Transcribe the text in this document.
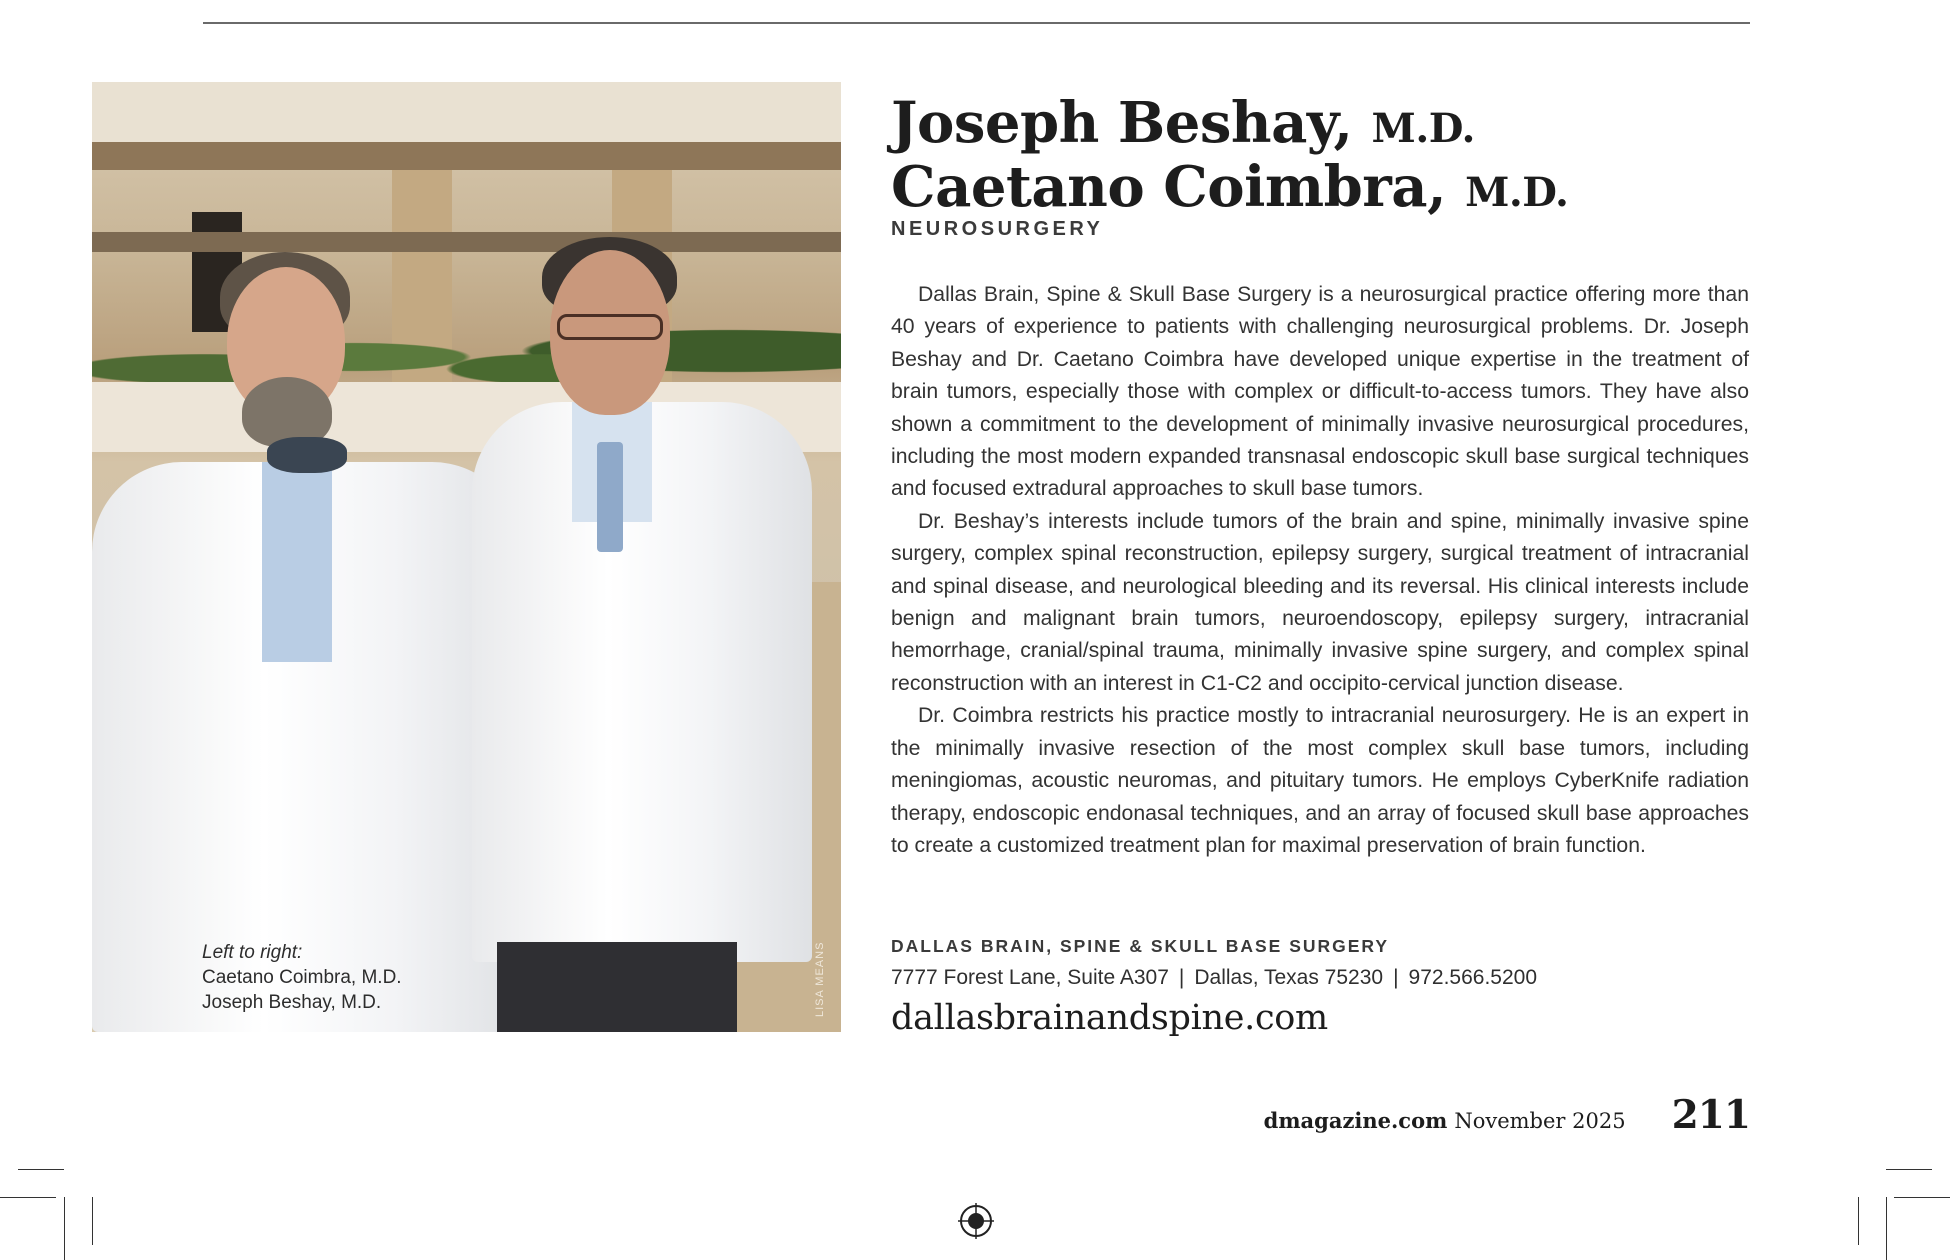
Left to right:
Caetano Coimbra, M.D.
Joseph Beshay, M.D.	LISA MEANS
Joseph Beshay, M.D.
Caetano Coimbra, M.D.
NEUROSURGERY

Dallas Brain, Spine & Skull Base Surgery is a neurosurgical practice offering more than 40 years of experience to patients with challenging neurosurgical problems. Dr. Joseph Beshay and Dr. Caetano Coimbra have developed unique expertise in the treatment of brain tumors, especially those with complex or difficult-to-access tumors. They have also shown a commitment to the development of minimally invasive neurosurgical procedures, including the most modern expanded transnasal endoscopic skull base surgical techniques and focused extradural approaches to skull base tumors.

Dr. Beshay’s interests include tumors of the brain and spine, minimally invasive spine surgery, complex spinal reconstruction, epilepsy surgery, surgical treatment of intracranial and spinal disease, and neurological bleeding and its reversal. His clinical interests include benign and malignant brain tumors, neuroendoscopy, epilepsy surgery, intracranial hemorrhage, cranial/spinal trauma, minimally invasive spine surgery, and complex spinal reconstruction with an interest in C1-C2 and occipito-cervical junction disease.

Dr. Coimbra restricts his practice mostly to intracranial neurosurgery. He is an expert in the minimally invasive resection of the most complex skull base tumors, including meningiomas, acoustic neuromas, and pituitary tumors. He employs CyberKnife radiation therapy, endoscopic endonasal techniques, and an array of focused skull base approaches to create a customized treatment plan for maximal preservation of brain function.

DALLAS BRAIN, SPINE & SKULL BASE SURGERY
7777 Forest Lane, Suite A307 | Dallas, Texas 75230 | 972.566.5200
dallasbrainandspine.com
dmagazine.com November 2025 211
